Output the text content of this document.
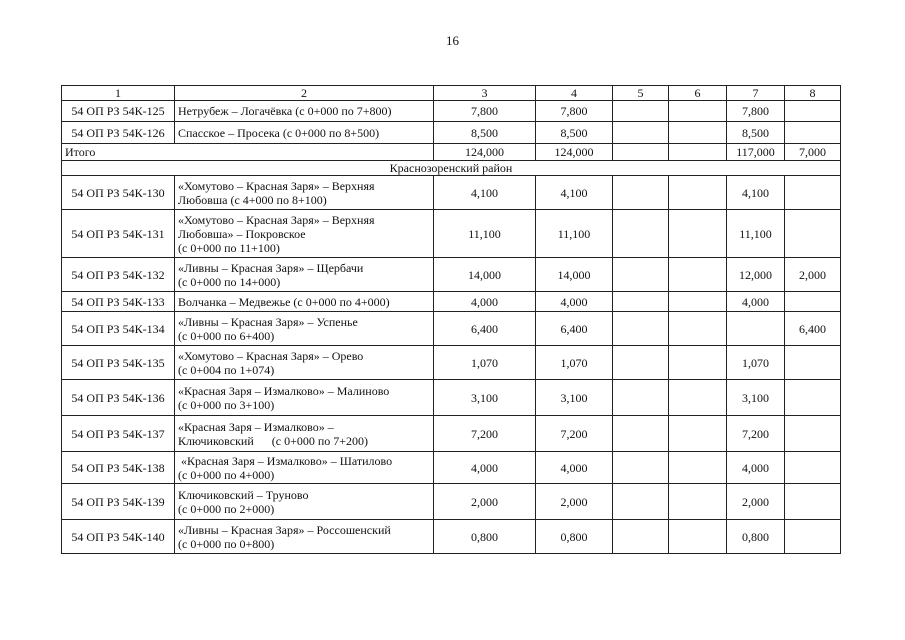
16
1	2	3	4	5	6	7	8
54 ОП РЗ 54К-125	Нетрубеж – Логачёвка (с 0+000 по 7+800)	7,800	7,800			7,800	
54 ОП РЗ 54К-126	Спасское – Просека (с 0+000 по 8+500)	8,500	8,500			8,500	
Итого		124,000	124,000			117,000	7,000
Краснозоренский район							
54 ОП РЗ 54К-130	«Хомутово – Красная Заря» – Верхняя
Любовша (с 4+000 по 8+100)	4,100	4,100			4,100	
54 ОП РЗ 54К-131	«Хомутово – Красная Заря» – Верхняя
Любовша» – Покровское
(с 0+000 по 11+100)	11,100	11,100			11,100	
54 ОП РЗ 54К-132	«Ливны – Красная Заря» – Щербачи
(с 0+000 по 14+000)	14,000	14,000			12,000	2,000
54 ОП РЗ 54К-133	Волчанка – Медвежье (с 0+000 по 4+000)	4,000	4,000			4,000	
54 ОП РЗ 54К-134	«Ливны – Красная Заря» – Успенье
(с 0+000 по 6+400)	6,400	6,400				6,400
54 ОП РЗ 54К-135	«Хомутово – Красная Заря» – Орево
(с 0+004 по 1+074)	1,070	1,070			1,070	
54 ОП РЗ 54К-136	«Красная Заря – Измалково» – Малиново
(с 0+000 по 3+100)	3,100	3,100			3,100	
54 ОП РЗ 54К-137	«Красная Заря – Измалково» –
Ключиковский      (с 0+000 по 7+200)	7,200	7,200			7,200	
54 ОП РЗ 54К-138	«Красная Заря – Измалково» – Шатилово
(с 0+000 по 4+000)	4,000	4,000			4,000	
54 ОП РЗ 54К-139	Ключиковский – Труново
(с 0+000 по 2+000)	2,000	2,000			2,000	
54 ОП РЗ 54К-140	«Ливны – Красная Заря» – Россошенский
(с 0+000 по 0+800)	0,800	0,800			0,800	
